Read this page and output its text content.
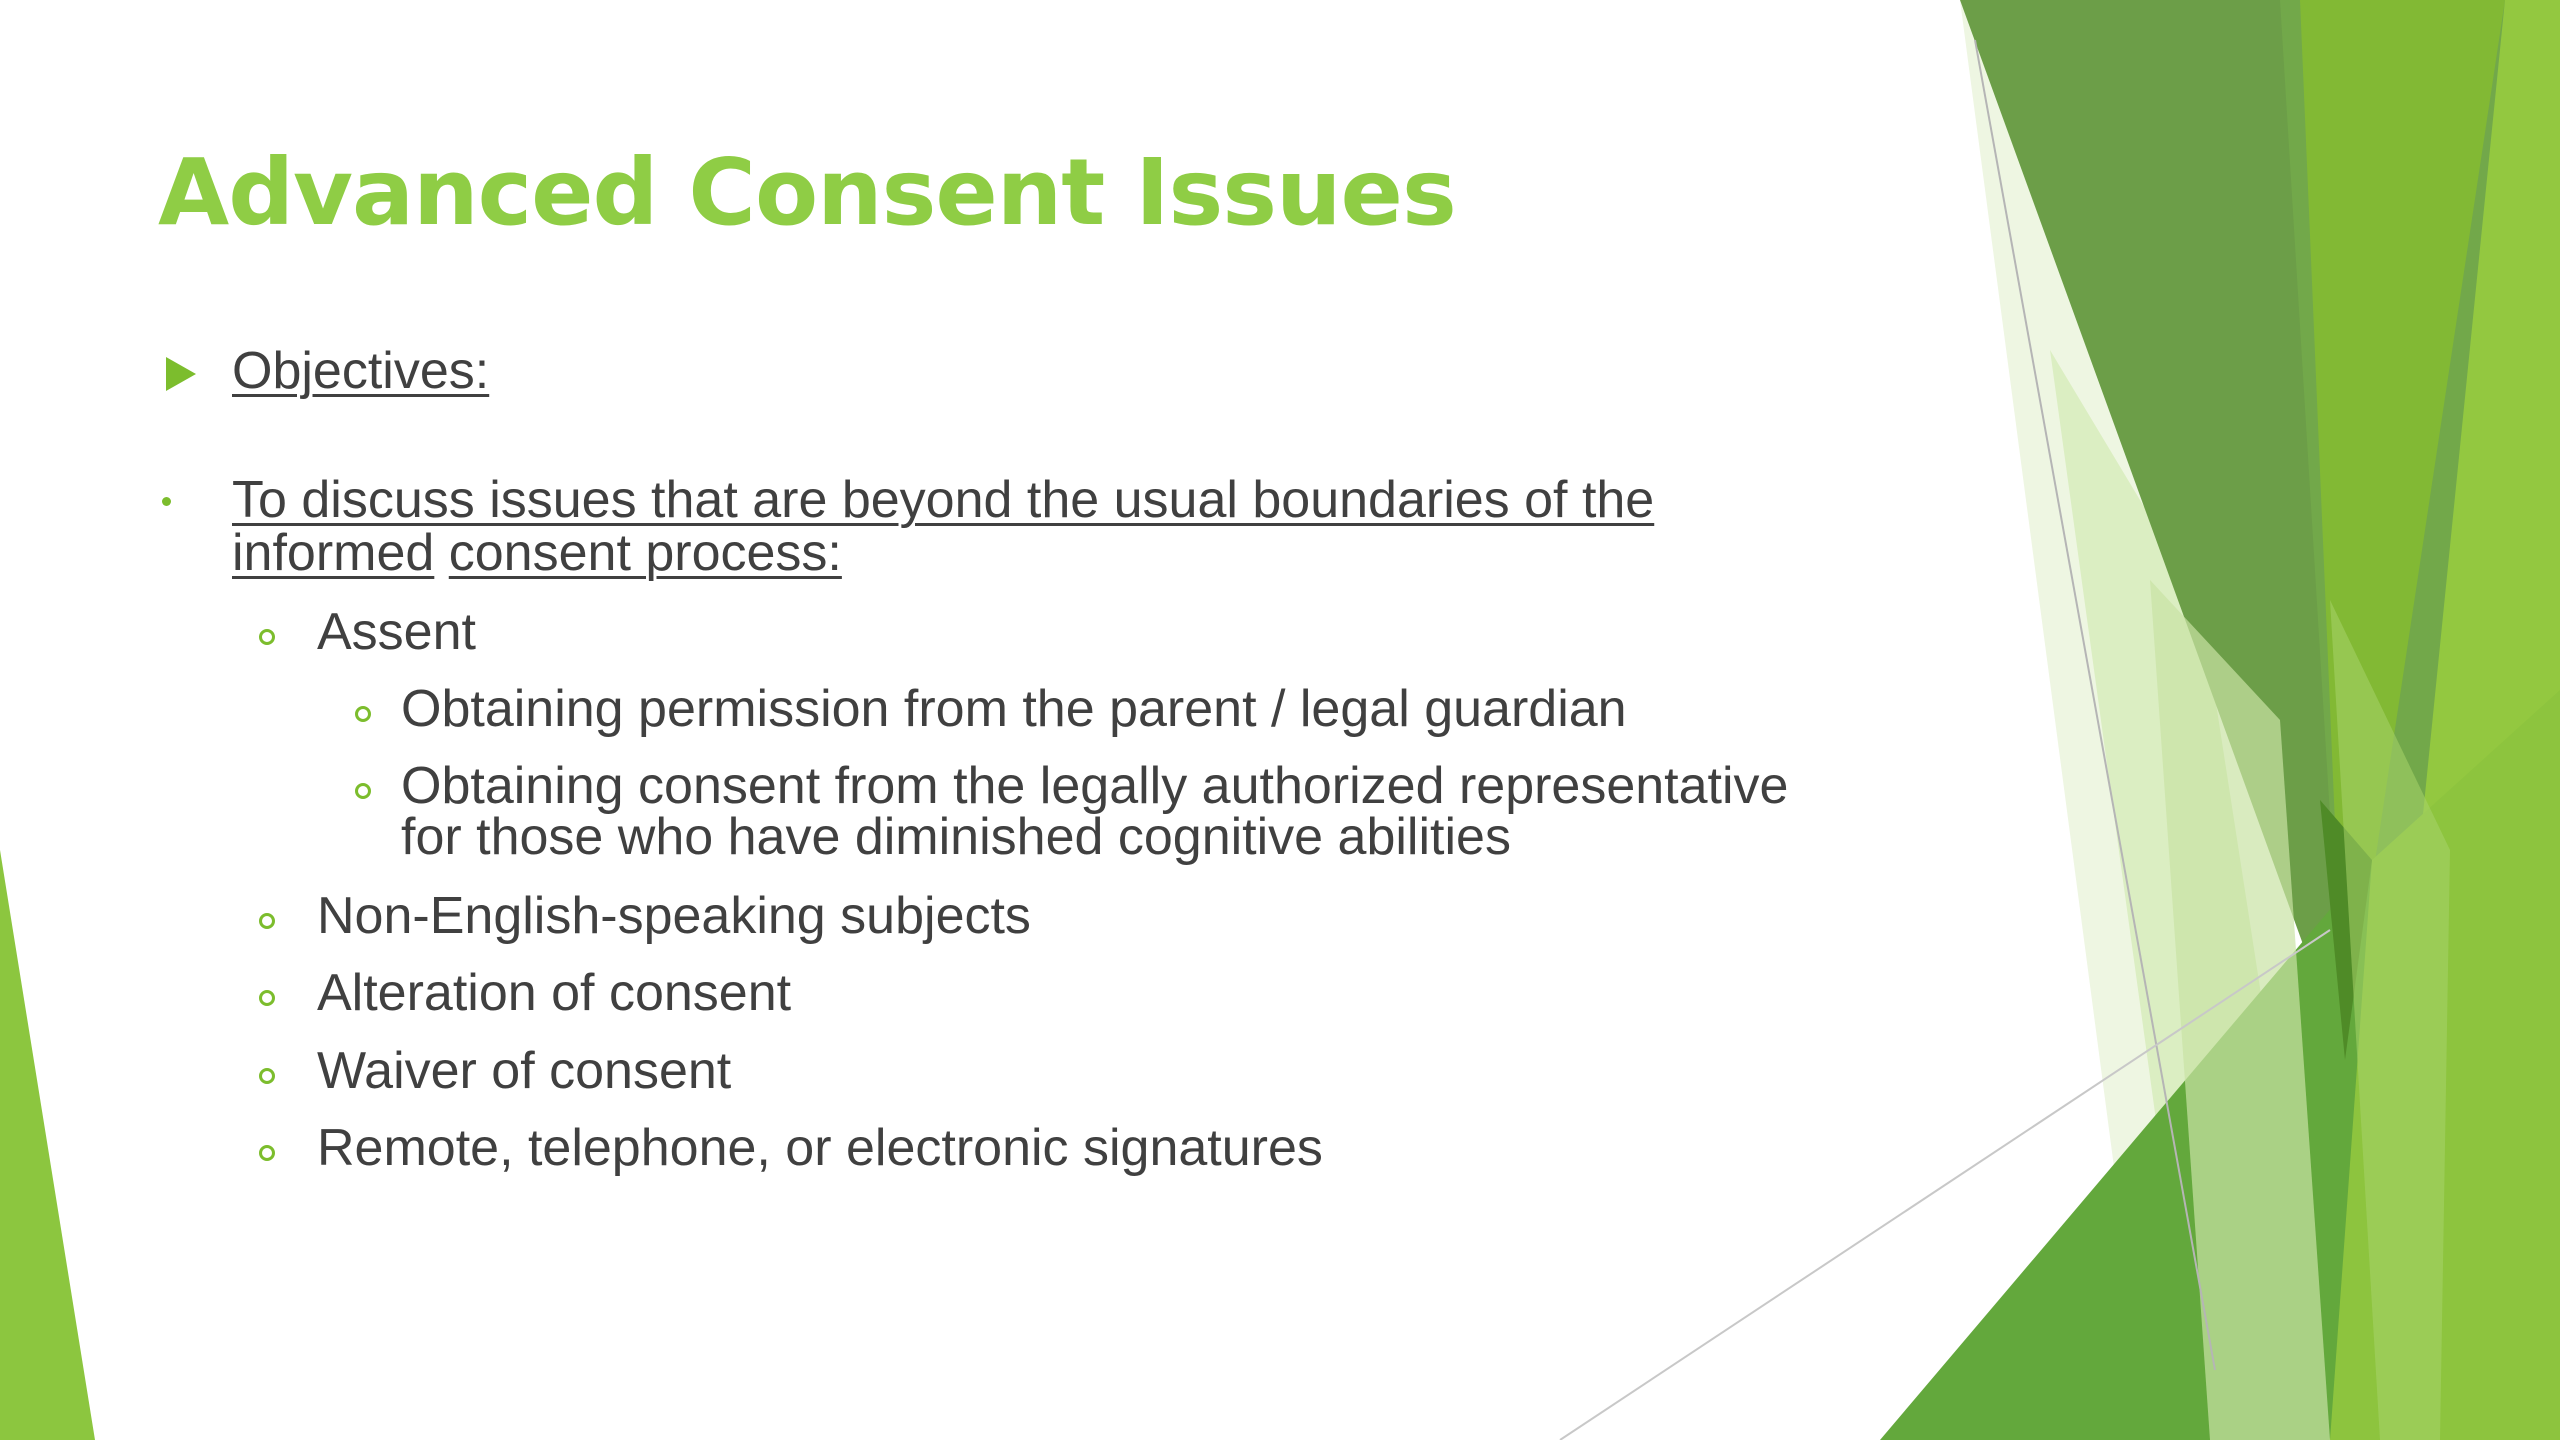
Advanced Consent Issues
Objectives:
To discuss issues that are beyond the usual boundaries of the
informed consent process:
Assent
Obtaining permission from the parent / legal guardian
Obtaining consent from the legally authorized representative
for those who have diminished cognitive abilities
Non-English-speaking subjects
Alteration of consent
Waiver of consent
Remote, telephone, or electronic signatures
